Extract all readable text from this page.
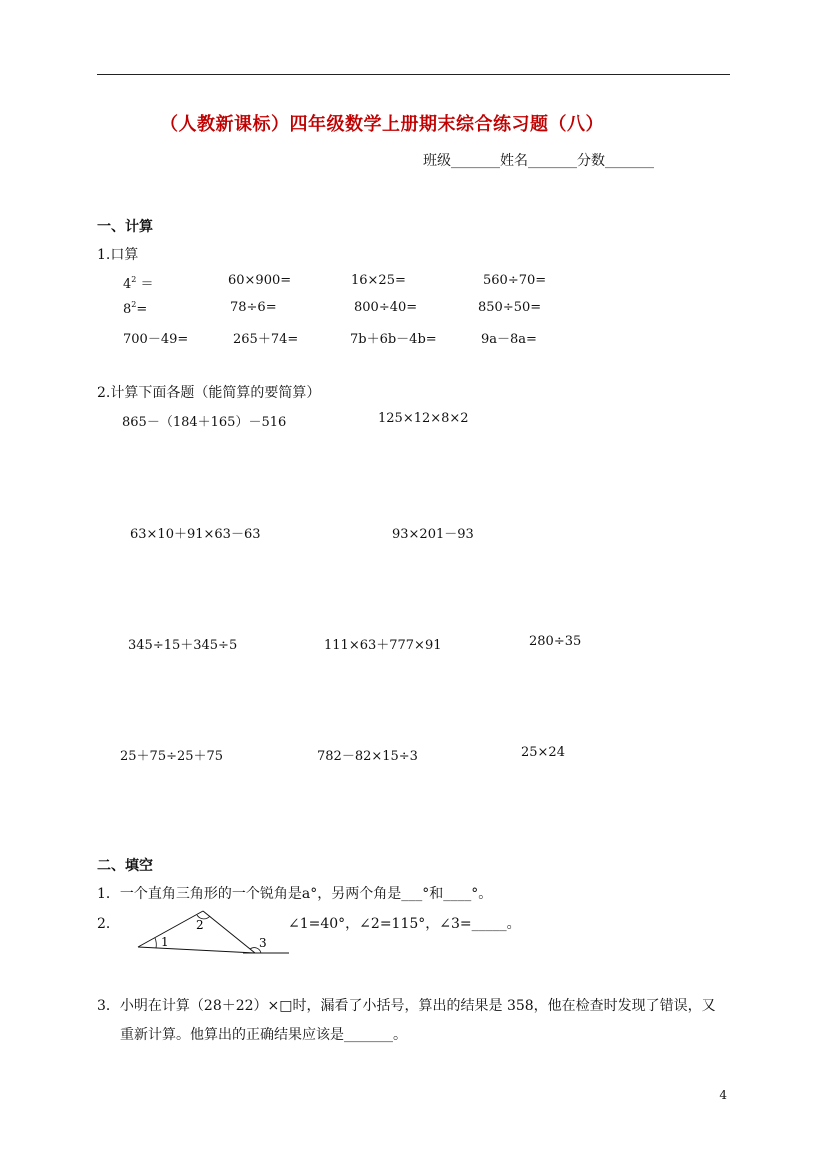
（人教新课标）四年级数学上册期末综合练习题（八）
班级_______姓名_______分数_______
一、计算
1.口算
$4^2$ ＝	60×900=	16×25=	560÷70=
$8^2=$	78÷6=	800÷40=	850÷50=
700－49=	265＋74=	7b＋6b－4b=	9a－8a=
2.计算下面各题（能简算的要简算）
865－（184＋165）－516	125×12×8×2
63×10＋91×63－63	93×201－93
345÷15＋345÷5	111×63＋777×91	280÷35
25＋75÷25＋75	782－82×15÷3	25×24
二、填空
1．一个直角三角形的一个锐角是a°，另两个角是___°和____°。
2．
1
2
3
∠1=40°，∠2=115°，∠3=_____。
3．小明在计算（28＋22）×□时，漏看了小括号，算出的结果是 358，他在检查时发现了错误，又
重新计算。他算出的正确结果应该是_______。
4
